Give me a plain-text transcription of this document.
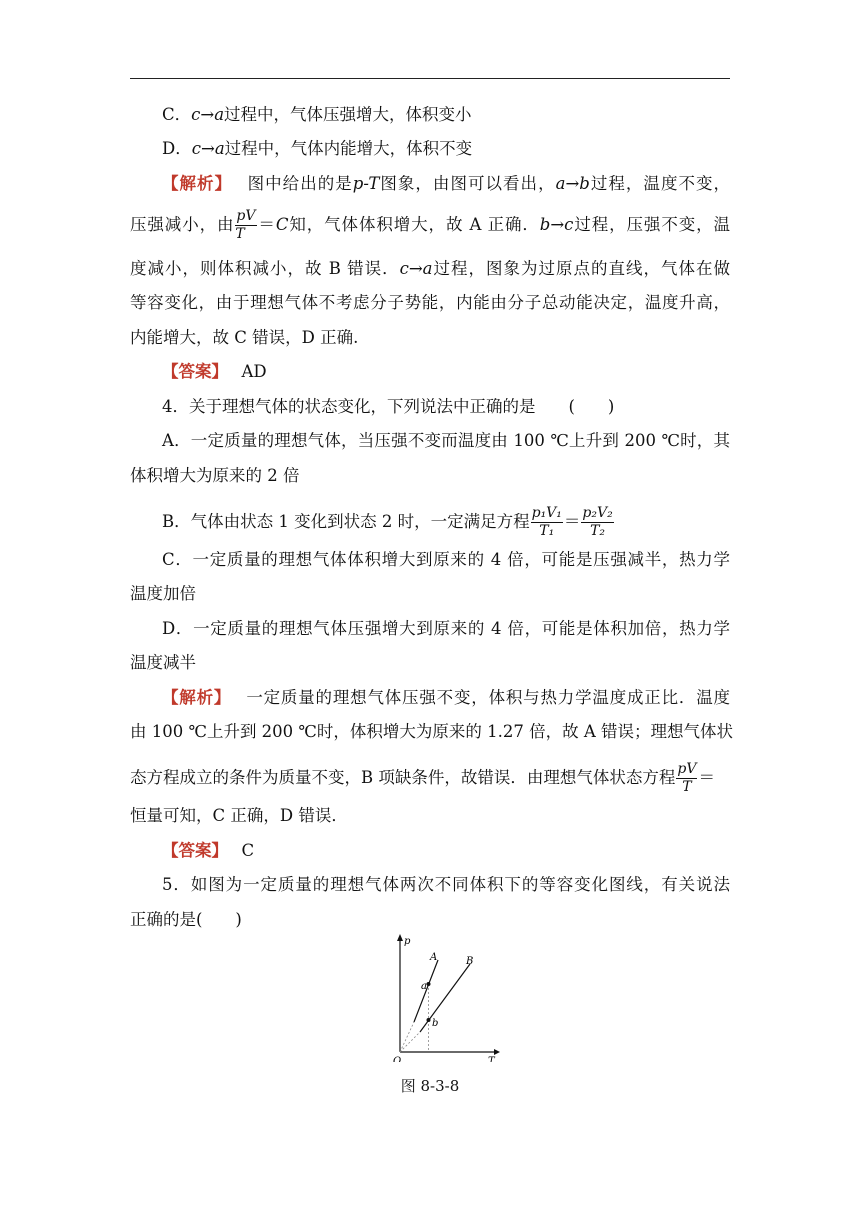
C．c→a过程中，气体压强增大，体积变小
D．c→a过程中，气体内能增大，体积不变
【解析】　 图中给出的是p-T图象，由图可以看出，a→b过程，温度不变，
压强减小，由 $\frac{pV}{T} =C$知，气体体积增大，故 A 正确．b→c过程，压强不变，温
度减小，则体积减小，故 B 错误．c→a过程，图象为过原点的直线，气体在做
等容变化，由于理想气体不考虑分子势能，内能由分子总动能决定，温度升高，
内能增大，故 C 错误，D 正确.
【答案】　 AD
4．关于理想气体的状态变化，下列说法中正确的是　　(　　)
A．一定质量的理想气体，当压强不变而温度由 100 ℃上升到 200 ℃时，其
体积增大为原来的 2 倍
B．气体由状态 1 变化到状态 2 时，一定满足方程 $\frac{\text{p₁V₁}}{\text{T₁}} = \frac{\text{p₂V₂}}{\text{T₂}}$
C．一定质量的理想气体体积增大到原来的 4 倍，可能是压强减半，热力学
温度加倍
D．一定质量的理想气体压强增大到原来的 4 倍，可能是体积加倍，热力学
温度减半
【解析】　 一定质量的理想气体压强不变，体积与热力学温度成正比．温度
由 100 ℃上升到 200 ℃时，体积增大为原来的 1.27 倍，故 A 错误；理想气体状
态方程成立的条件为质量不变，B 项缺条件，故错误．由理想气体状态方程 $\frac{pV}{T}$ ＝
恒量可知，C 正确，D 错误．
【答案】　 C
5．如图为一定质量的理想气体两次不同体积下的等容变化图线，有关说法
正确的是(　　)
p
T
O
A	B
a
b
图 8-3-8
